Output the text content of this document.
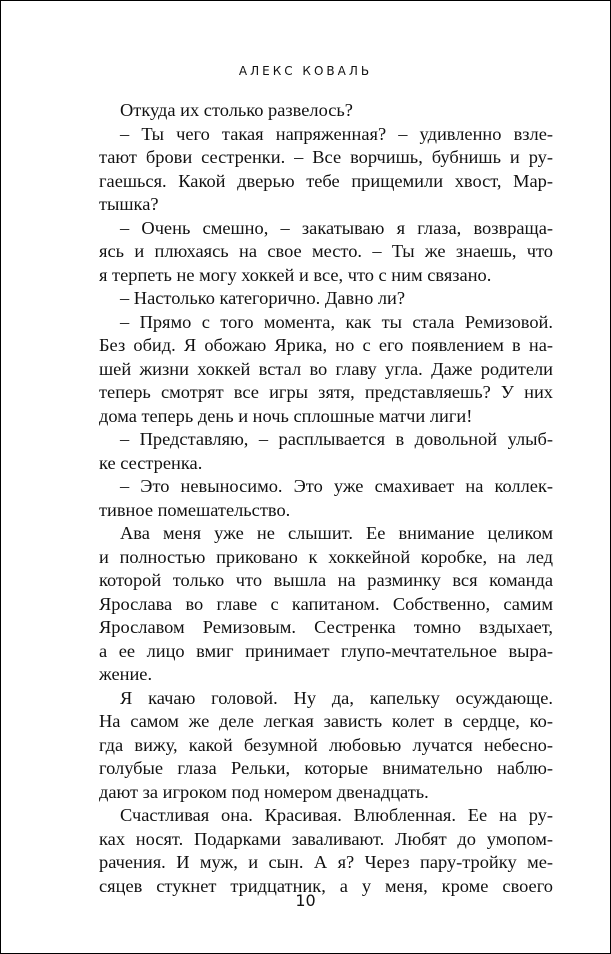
АЛЕКС КОВАЛЬ
Откуда их столько развелось?
– Ты чего такая напряженная? – удивленно взле-
тают брови сестренки. – Все ворчишь, бубнишь и ру-
гаешься. Какой дверью тебе прищемили хвост, Мар-
тышка?
– Очень смешно, – закатываю я глаза, возвраща-
ясь и плюхаясь на свое место. – Ты же знаешь, что
я терпеть не могу хоккей и все, что с ним связано.
– Настолько категорично. Давно ли?
– Прямо с того момента, как ты стала Ремизовой.
Без обид. Я обожаю Ярика, но с его появлением в на-
шей жизни хоккей встал во главу угла. Даже родители
теперь смотрят все игры зятя, представляешь? У них
дома теперь день и ночь сплошные матчи лиги!
– Представляю, – расплывается в довольной улыб-
ке сестренка.
– Это невыносимо. Это уже смахивает на коллек-
тивное помешательство.
Ава меня уже не слышит. Ее внимание целиком
и полностью приковано к хоккейной коробке, на лед
которой только что вышла на разминку вся команда
Ярослава во главе с капитаном. Собственно, самим
Ярославом Ремизовым. Сестренка томно вздыхает,
а ее лицо вмиг принимает глупо-мечтательное выра-
жение.
Я качаю головой. Ну да, капельку осуждающе.
На самом же деле легкая зависть колет в сердце, ко-
гда вижу, какой безумной любовью лучатся небесно-
голубые глаза Рельки, которые внимательно наблю-
дают за игроком под номером двенадцать.
Счастливая она. Красивая. Влюбленная. Ее на ру-
ках носят. Подарками заваливают. Любят до умопом-
рачения. И муж, и сын. А я? Через пару-тройку ме-
сяцев стукнет тридцатник, а у меня, кроме своего
10
